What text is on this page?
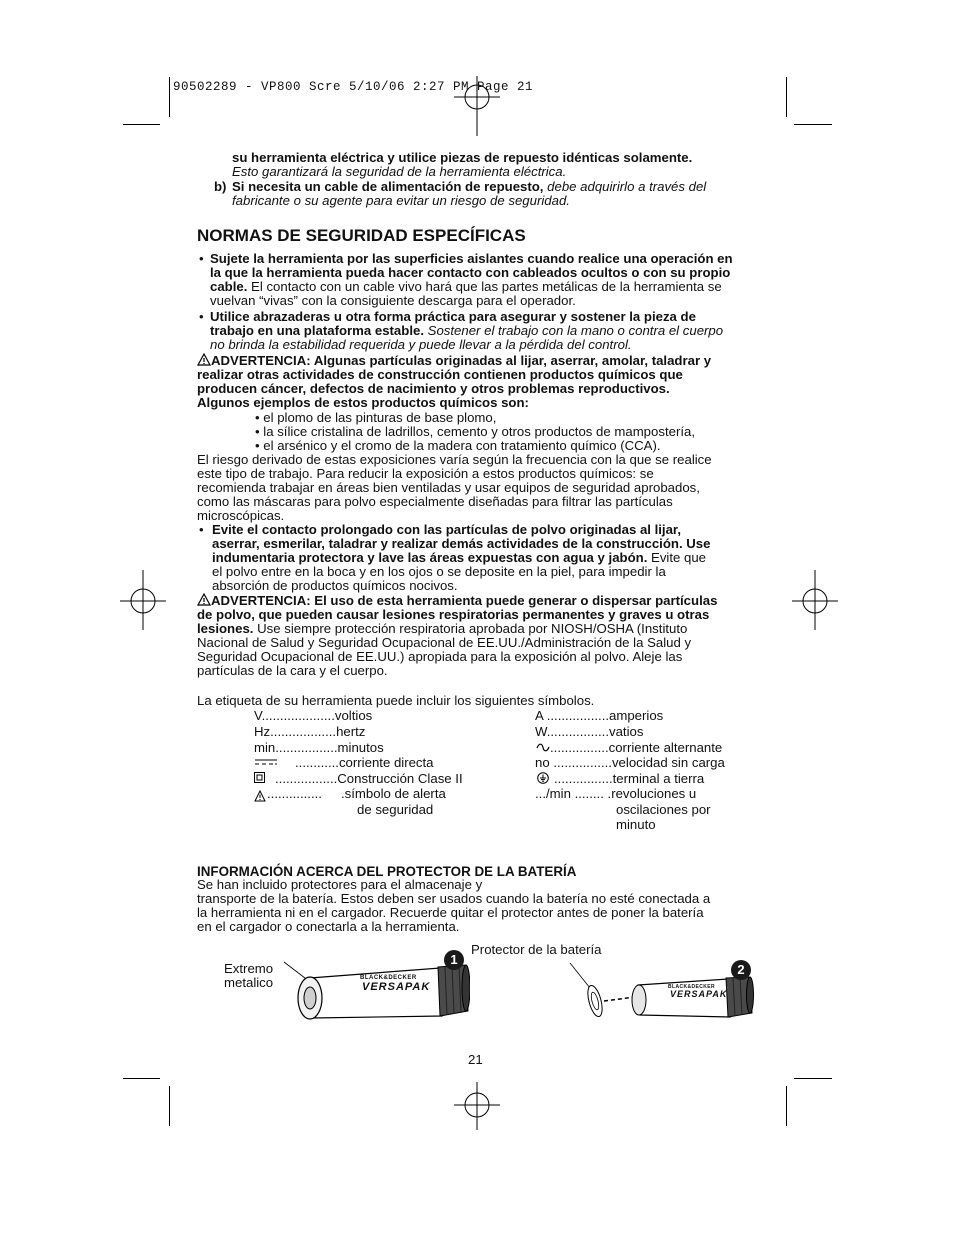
90502289 - VP800 Scre 5/10/06 2:27 PM Page 21
su herramienta eléctrica y utilice piezas de repuesto idénticas solamente.
Esto garantizará la seguridad de la herramienta eléctrica.
b) Si necesita un cable de alimentación de repuesto, debe adquirirlo a través del
fabricante o su agente para evitar un riesgo de seguridad.
NORMAS DE SEGURIDAD ESPECÍFICAS
• Sujete la herramienta por las superficies aislantes cuando realice una operación en
la que la herramienta pueda hacer contacto con cableados ocultos o con su propio
cable. El contacto con un cable vivo hará que las partes metálicas de la herramienta se
vuelvan “vivas” con la consiguiente descarga para el operador.
• Utilice abrazaderas u otra forma práctica para asegurar y sostener la pieza de
trabajo en una plataforma estable. Sostener el trabajo con la mano o contra el cuerpo
no brinda la estabilidad requerida y puede llevar a la pérdida del control.
ADVERTENCIA: Algunas partículas originadas al lijar, aserrar, amolar, taladrar y
realizar otras actividades de construcción contienen productos químicos que
producen cáncer, defectos de nacimiento y otros problemas reproductivos.
Algunos ejemplos de estos productos químicos son:
• el plomo de las pinturas de base plomo,
• la sílice cristalina de ladrillos, cemento y otros productos de mampostería,
• el arsénico y el cromo de la madera con tratamiento químico (CCA).
El riesgo derivado de estas exposiciones varía según la frecuencia con la que se realice
este tipo de trabajo. Para reducir la exposición a estos productos químicos: se
recomienda trabajar en áreas bien ventiladas y usar equipos de seguridad aprobados,
como las máscaras para polvo especialmente diseñadas para filtrar las partículas
microscópicas.
• Evite el contacto prolongado con las partículas de polvo originadas al lijar,
aserrar, esmerilar, taladrar y realizar demás actividades de la construcción. Use
indumentaria protectora y lave las áreas expuestas con agua y jabón. Evite que
el polvo entre en la boca y en los ojos o se deposite en la piel, para impedir la
absorción de productos químicos nocivos.
ADVERTENCIA: El uso de esta herramienta puede generar o dispersar partículas
de polvo, que pueden causar lesiones respiratorias permanentes y graves u otras
lesiones. Use siempre protección respiratoria aprobada por NIOSH/OSHA (Instituto
Nacional de Salud y Seguridad Ocupacional de EE.UU./Administración de la Salud y
Seguridad Ocupacional de EE.UU.) apropiada para la exposición al polvo. Aleje las
partículas de la cara y el cuerpo.
La etiqueta de su herramienta puede incluir los siguientes símbolos.
V....................voltios
Hz..................hertz
min.................minutos
............corriente directa
.................Construcción Clase II
............... .símbolo de alerta
de seguridad
A .................amperios
W.................vatios
................corriente alternante
no ................velocidad sin carga
................terminal a tierra
.../min ........ .revoluciones u
oscilaciones por
minuto
INFORMACIÓN ACERCA DEL PROTECTOR DE LA BATERÍA
Se han incluido protectores para el almacenaje y
transporte de la batería. Estos deben ser usados cuando la batería no esté conectada a
la herramienta ni en el cargador. Recuerde quitar el protector antes de poner la batería
en el cargador o conectarla a la herramienta.
Extremo
metalico
Protector de la batería
BLACK&DECKER
VERSAPAK
1
BLACK&DECKER
VERSAPAK
2
21
